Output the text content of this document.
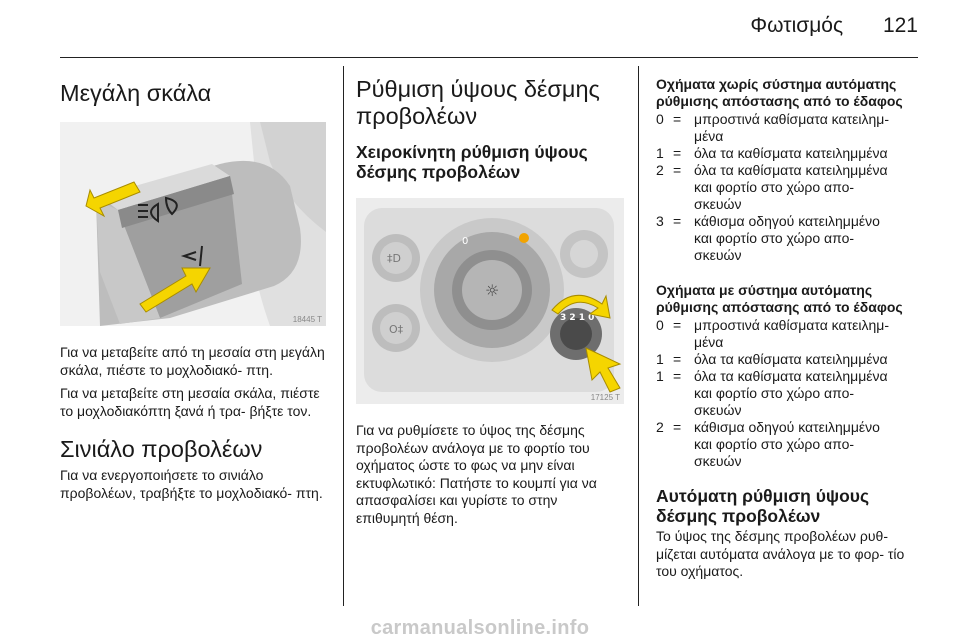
Φωτισμός 121
Μεγάλη σκάλα
18445 T

Για να μεταβείτε από τη μεσαία στη μεγάλη σκάλα, πιέστε το μοχλοδιακό- πτη.

Για να μεταβείτε στη μεσαία σκάλα, πιέστε το μοχλοδιακόπτη ξανά ή τρα- βήξτε τον.

Σινιάλο προβολέων

Για να ενεργοποιήσετε το σινιάλο προβολέων, τραβήξτε το μοχλοδιακό- πτη.

Ρύθμιση ύψους δέσμης
προβολέων
Χειροκίνητη ρύθμιση ύψους
δέσμης προβολέων
‡D
O‡
☼
0
3 2 1 0
17125 T

Για να ρυθμίσετε το ύψος της δέσμης προβολέων ανάλογα με το φορτίο του οχήματος ώστε το φως να μην είναι εκτυφλωτικό: Πατήστε το κουμπί για να απασφαλίσει και γυρίστε το στην επιθυμητή θέση.

Οχήματα χωρίς σύστημα αυτόματης
ρύθμισης απόστασης από το έδαφος
0	=	μπροστινά καθίσματα κατειλημ-
μένα
1	=	όλα τα καθίσματα κατειλημμένα
2	=	όλα τα καθίσματα κατειλημμένα
και φορτίο στο χώρο απο-
σκευών
3	=	κάθισμα οδηγού κατειλημμένο
και φορτίο στο χώρο απο-
σκευών
Οχήματα με σύστημα αυτόματης
ρύθμισης απόστασης από το έδαφος
0	=	μπροστινά καθίσματα κατειλημ-
μένα
1	=	όλα τα καθίσματα κατειλημμένα
1	=	όλα τα καθίσματα κατειλημμένα
και φορτίο στο χώρο απο-
σκευών
2	=	κάθισμα οδηγού κατειλημμένο
και φορτίο στο χώρο απο-
σκευών
Αυτόματη ρύθμιση ύψους
δέσμης προβολέων

Το ύψος της δέσμης προβολέων ρυθ- μίζεται αυτόματα ανάλογα με το φορ- τίο του οχήματος.

carmanualsonline.info
